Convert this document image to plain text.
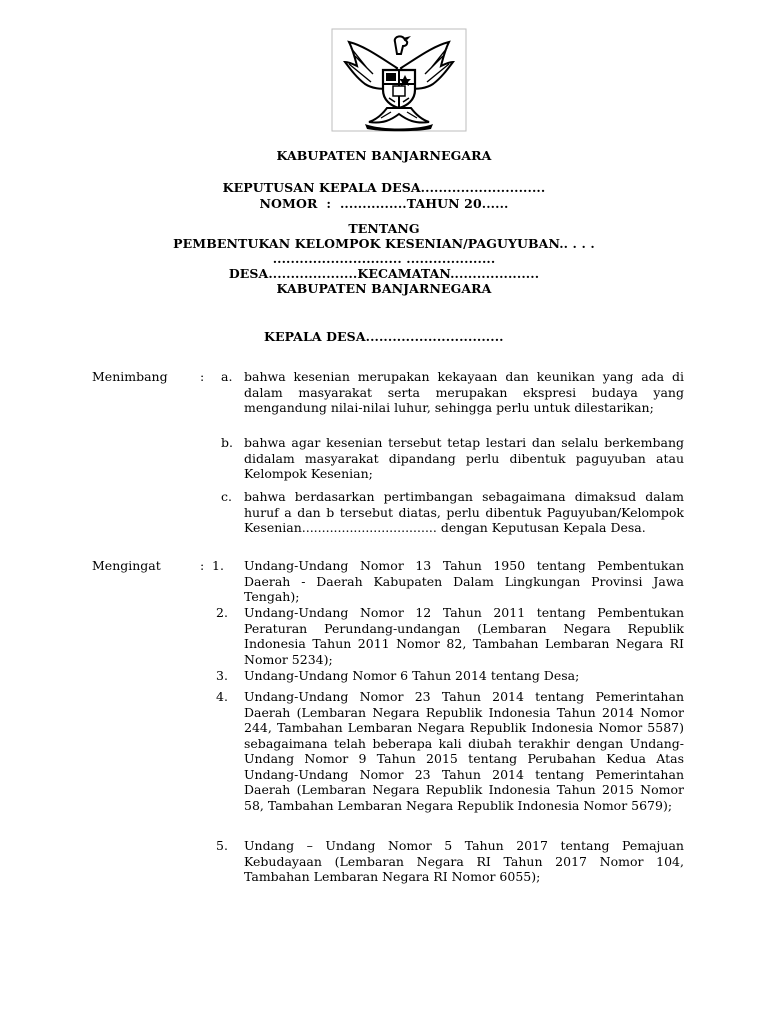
KABUPATEN BANJARNEGARA
KEPUTUSAN KEPALA DESA............................
NOMOR  :  ...............TAHUN 20......
TENTANG
PEMBENTUKAN KELOMPOK KESENIAN/PAGUYUBAN.. . . .
............................. ....................
DESA....................KECAMATAN....................
KABUPATEN BANJARNEGARA
KEPALA DESA...............................
Menimbang	: a. bahwa kesenian merupakan kekayaan dan keunikan yang ada di dalam masyarakat serta merupakan ekspresi budaya yang mengandung nilai-nilai luhur, sehingga perlu untuk dilestarikan;
b. bahwa agar kesenian tersebut tetap lestari dan selalu berkembang didalam masyarakat dipandang perlu dibentuk paguyuban atau Kelompok Kesenian;
c. bahwa berdasarkan pertimbangan sebagaimana dimaksud dalam huruf a dan b tersebut diatas, perlu dibentuk Paguyuban/Kelompok Kesenian.................................. dengan Keputusan Kepala Desa.
Mengingat	: 1. Undang-Undang Nomor 13 Tahun 1950 tentang Pembentukan Daerah - Daerah Kabupaten Dalam Lingkungan Provinsi Jawa Tengah);
2. Undang-Undang Nomor 12 Tahun 2011 tentang Pembentukan Peraturan Perundang-undangan (Lembaran Negara Republik Indonesia Tahun 2011 Nomor 82, Tambahan Lembaran Negara RI Nomor 5234);
3. Undang-Undang Nomor 6 Tahun 2014 tentang Desa;
4. Undang-Undang Nomor 23 Tahun 2014 tentang Pemerintahan Daerah (Lembaran Negara Republik Indonesia Tahun 2014 Nomor 244, Tambahan Lembaran Negara Republik Indonesia Nomor 5587) sebagaimana telah beberapa kali diubah terakhir dengan Undang-Undang Nomor 9 Tahun 2015 tentang Perubahan Kedua Atas Undang-Undang Nomor 23 Tahun 2014 tentang Pemerintahan Daerah (Lembaran Negara Republik Indonesia Tahun 2015 Nomor 58, Tambahan Lembaran Negara Republik Indonesia Nomor 5679);
5. Undang – Undang Nomor 5 Tahun 2017 tentang Pemajuan Kebudayaan (Lembaran Negara RI Tahun 2017 Nomor 104, Tambahan Lembaran Negara RI Nomor 6055);
